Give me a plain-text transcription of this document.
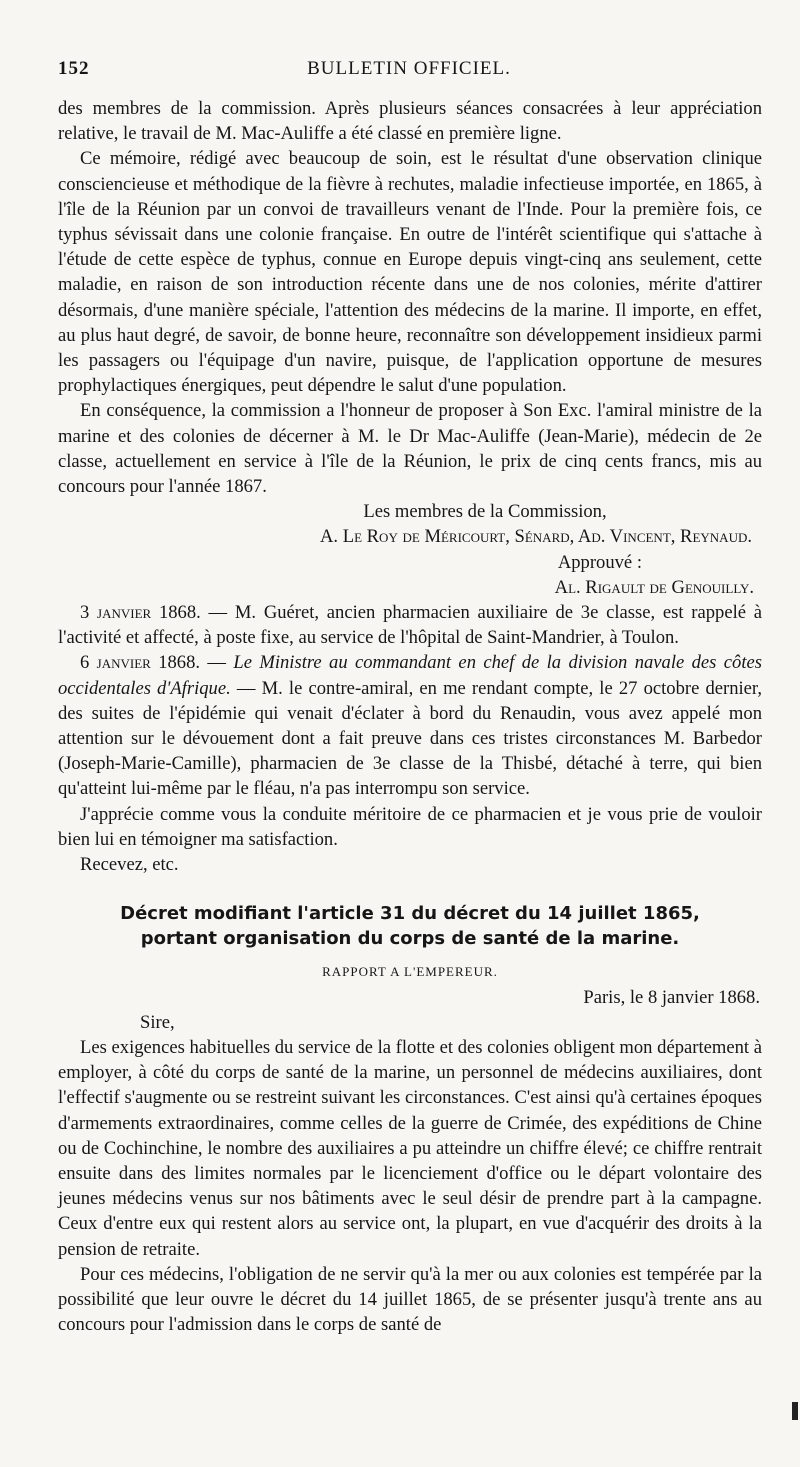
152	BULLETIN OFFICIEL.

des membres de la commission. Après plusieurs séances consacrées à leur appréciation relative, le travail de M. Mac-Auliffe a été classé en première ligne.

Ce mémoire, rédigé avec beaucoup de soin, est le résultat d'une observation clinique consciencieuse et méthodique de la fièvre à rechutes, maladie infectieuse importée, en 1865, à l'île de la Réunion par un convoi de travailleurs venant de l'Inde. Pour la première fois, ce typhus sévissait dans une colonie française. En outre de l'intérêt scientifique qui s'attache à l'étude de cette espèce de typhus, connue en Europe depuis vingt-cinq ans seulement, cette maladie, en raison de son introduction récente dans une de nos colonies, mérite d'attirer désormais, d'une manière spéciale, l'attention des médecins de la marine. Il importe, en effet, au plus haut degré, de savoir, de bonne heure, reconnaître son développement insidieux parmi les passagers ou l'équipage d'un navire, puisque, de l'application opportune de mesures prophylactiques énergiques, peut dépendre le salut d'une population.

En conséquence, la commission a l'honneur de proposer à Son Exc. l'amiral ministre de la marine et des colonies de décerner à M. le Dr Mac-Auliffe (Jean-Marie), médecin de 2e classe, actuellement en service à l'île de la Réunion, le prix de cinq cents francs, mis au concours pour l'année 1867.

Les membres de la Commission,

A. Le Roy de Méricourt, Sénard, Ad. Vincent, Reynaud.

Approuvé :

Al. Rigault de Genouilly.

3 janvier 1868. — M. Guéret, ancien pharmacien auxiliaire de 3e classe, est rappelé à l'activité et affecté, à poste fixe, au service de l'hôpital de Saint-Mandrier, à Toulon.

6 janvier 1868. — Le Ministre au commandant en chef de la division navale des côtes occidentales d'Afrique. — M. le contre-amiral, en me rendant compte, le 27 octobre dernier, des suites de l'épidémie qui venait d'éclater à bord du Renaudin, vous avez appelé mon attention sur le dévouement dont a fait preuve dans ces tristes circonstances M. Barbedor (Joseph-Marie-Camille), pharmacien de 3e classe de la Thisbé, détaché à terre, qui bien qu'atteint lui-même par le fléau, n'a pas interrompu son service.

J'apprécie comme vous la conduite méritoire de ce pharmacien et je vous prie de vouloir bien lui en témoigner ma satisfaction.

Recevez, etc.

Décret modifiant l'article 31 du décret du 14 juillet 1865,
portant organisation du corps de santé de la marine.
RAPPORT A L'EMPEREUR.

Paris, le 8 janvier 1868.

Sire,

Les exigences habituelles du service de la flotte et des colonies obligent mon département à employer, à côté du corps de santé de la marine, un personnel de médecins auxiliaires, dont l'effectif s'augmente ou se restreint suivant les circonstances. C'est ainsi qu'à certaines époques d'armements extraordinaires, comme celles de la guerre de Crimée, des expéditions de Chine ou de Cochinchine, le nombre des auxiliaires a pu atteindre un chiffre élevé; ce chiffre rentrait ensuite dans des limites normales par le licenciement d'office ou le départ volontaire des jeunes médecins venus sur nos bâtiments avec le seul désir de prendre part à la campagne. Ceux d'entre eux qui restent alors au service ont, la plupart, en vue d'acquérir des droits à la pension de retraite.

Pour ces médecins, l'obligation de ne servir qu'à la mer ou aux colonies est tempérée par la possibilité que leur ouvre le décret du 14 juillet 1865, de se présenter jusqu'à trente ans au concours pour l'admission dans le corps de santé de
